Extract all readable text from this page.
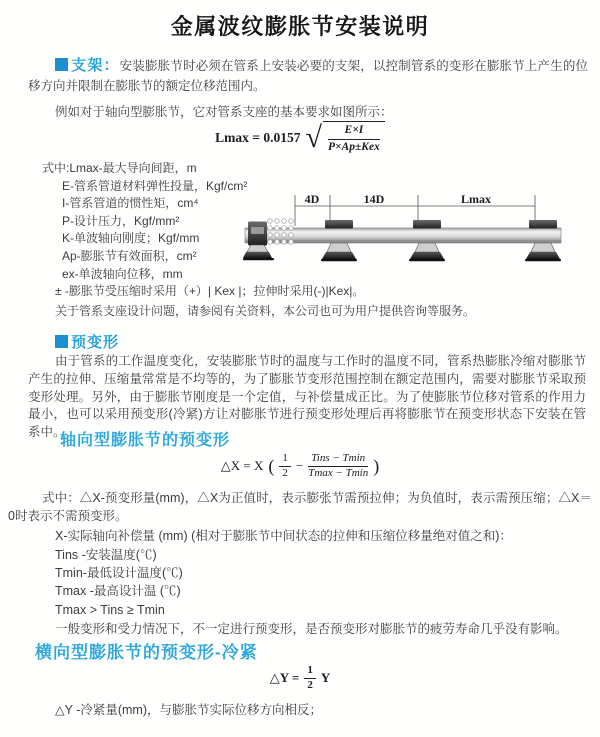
金属波纹膨胀节安装说明

支架：安装膨胀节时必须在管系上安装必要的支架，以控制管系的变形在膨胀节上产生的位移方向并限制在膨胀节的额定位移范围内。

例如对于轴向型膨胀节，它对管系支座的基本要求如图所示：

Lmax = 0.0157 √ $\frac{E\times I}{\text{P×Ap±Kex}}$
式中:Lmax-最大导向间距，m
E-管系管道材料弹性投量，Kgf/cm²
I-管系管道的惯性矩，cm⁴
P-设计压力，Kgf/mm²
K-单波轴向刚度；Kgf/mm
Ap-膨胀节有效面积，cm²
ex-单波轴向位移，mm
± -膨胀节受压缩时采用（+）| Kex |；拉伸时采用(-)|Kex|。
关于管系支座设计问题，请参阅有关资料，本公司也可为用户提供咨询等服务。
4D	14D	Lmax

预变形

由于管系的工作温度变化，安装膨胀节时的温度与工作时的温度不同，管系热膨胀冷缩对膨胀节产生的拉伸、压缩量常常是不均等的，为了膨胀节变形范围控制在额定范围内，需要对膨胀节采取预变形处理。另外，由于膨胀节刚度是一个定值，与补偿量成正比。为了使膨胀节位移对管系的作用力最小，也可以采用预变形(冷紧)方让对膨胀节进行预变形处理后再将膨胀节在预变形状态下安装在管系中。

轴向型膨胀节的预变形
△X = X ( $\frac{1}{2} - \frac{\text{Tins − Tmin}}{Tmax - Tmin}$ )

式中：△X-预变形量(mm)，△X为正值时，表示膨张节需预拉伸；为负值时，表示需预压缩；△X＝0时表示不需预变形。

X-实际轴向补偿量 (mm) (相对于膨胀节中间状态的拉伸和压缩位移量绝对值之和)：

Tins -安装温度(℃)
Tmin-最低设计温度(℃)
Tmax -最高设计温 (℃)
Tmax > Tins ≥ Tmin

一般变形和受力情况下，不一定进行预变形，是否预变形对膨胀节的疲劳寿命几乎没有影响。

横向型膨胀节的预变形-冷紧
△Y = $\frac{1}{2}$ Y

△Y -冷紧量(mm)，与膨胀节实际位移方向相反；
